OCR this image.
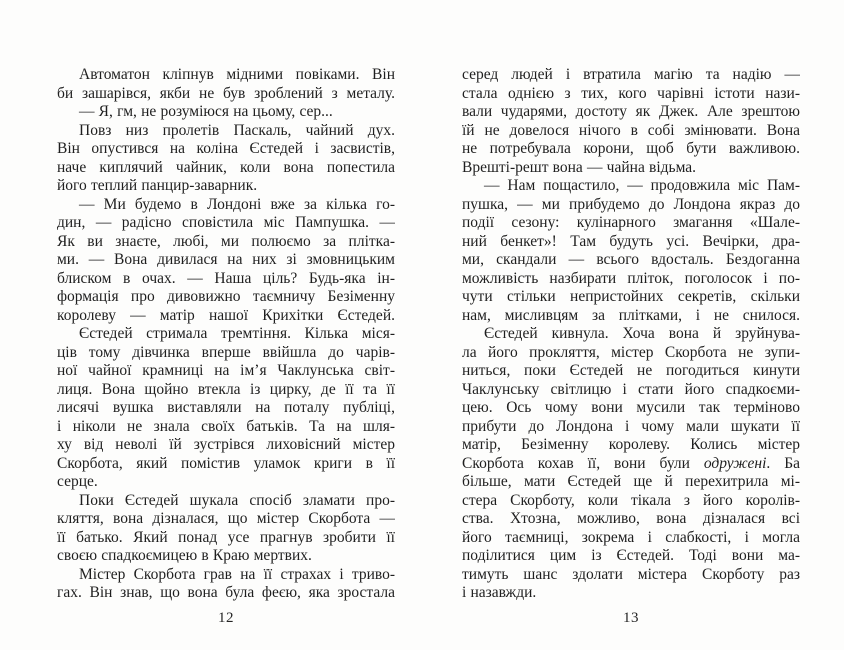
Автоматон кліпнув мідними повіками. Він
би зашарівся, якби не був зроблений з металу.
— Я, гм, не розуміюся на цьому, сер...
Повз низ пролетів Паскаль, чайний дух.
Він опустився на коліна Єстедей і засвистів,
наче киплячий чайник, коли вона попестила
його теплий панцир-заварник.
— Ми будемо в Лондоні вже за кілька го-
дин, — радісно сповістила міс Пампушка. —
Як ви знаєте, любі, ми полюємо за плітка-
ми. — Вона дивилася на них зі змовницьким
блиском в очах. — Наша ціль? Будь-яка ін-
формація про дивовижно таємничу Безіменну
королеву — матір нашої Крихітки Єстедей.
Єстедей стримала тремтіння. Кілька міся-
ців тому дівчинка вперше ввійшла до чарів-
ної чайної крамниці на ім’я Чаклунська світ-
лиця. Вона щойно втекла із цирку, де її та її
лисячі вушка виставляли на поталу публіці,
і ніколи не знала своїх батьків. Та на шля-
ху від неволі їй зустрівся лиховісний містер
Скорбота, який помістив уламок криги в її
серце.
Поки Єстедей шукала спосіб зламати про-
кляття, вона дізналася, що містер Скорбота —
її батько. Який понад усе прагнув зробити її
своєю спадкоємицею в Краю мертвих.
Містер Скорбота грав на її страхах і триво-
гах. Він знав, що вона була феєю, яка зростала
12
серед людей і втратила магію та надію —
стала однією з тих, кого чарівні істоти нази-
вали чударями, достоту як Джек. Але зрештою
їй не довелося нічого в собі змінювати. Вона
не потребувала корони, щоб бути важливою.
Врешті-решт вона — чайна відьма.
— Нам пощастило, — продовжила міс Пам-
пушка, — ми прибудемо до Лондона якраз до
події сезону: кулінарного змагання «Шале-
ний бенкет»! Там будуть усі. Вечірки, дра-
ми, скандали — всього вдосталь. Бездоганна
можливість назбирати пліток, поголосок і по-
чути стільки непристойних секретів, скільки
нам, мисливцям за плітками, і не снилося.
Єстедей кивнула. Хоча вона й зруйнува-
ла його прокляття, містер Скорбота не зупи-
ниться, поки Єстедей не погодиться кинути
Чаклунську світлицю і стати його спадкоєми-
цею. Ось чому вони мусили так терміново
прибути до Лондона і чому мали шукати її
матір, Безіменну королеву. Колись містер
Скорбота кохав її, вони були одружені. Ба
більше, мати Єстедей ще й перехитрила мі-
стера Скорботу, коли тікала з його королів-
ства. Хтозна, можливо, вона дізналася всі
його таємниці, зокрема і слабкості, і могла
поділитися цим із Єстедей. Тоді вони ма-
тимуть шанс здолати містера Скорботу раз
і назавжди.
13
